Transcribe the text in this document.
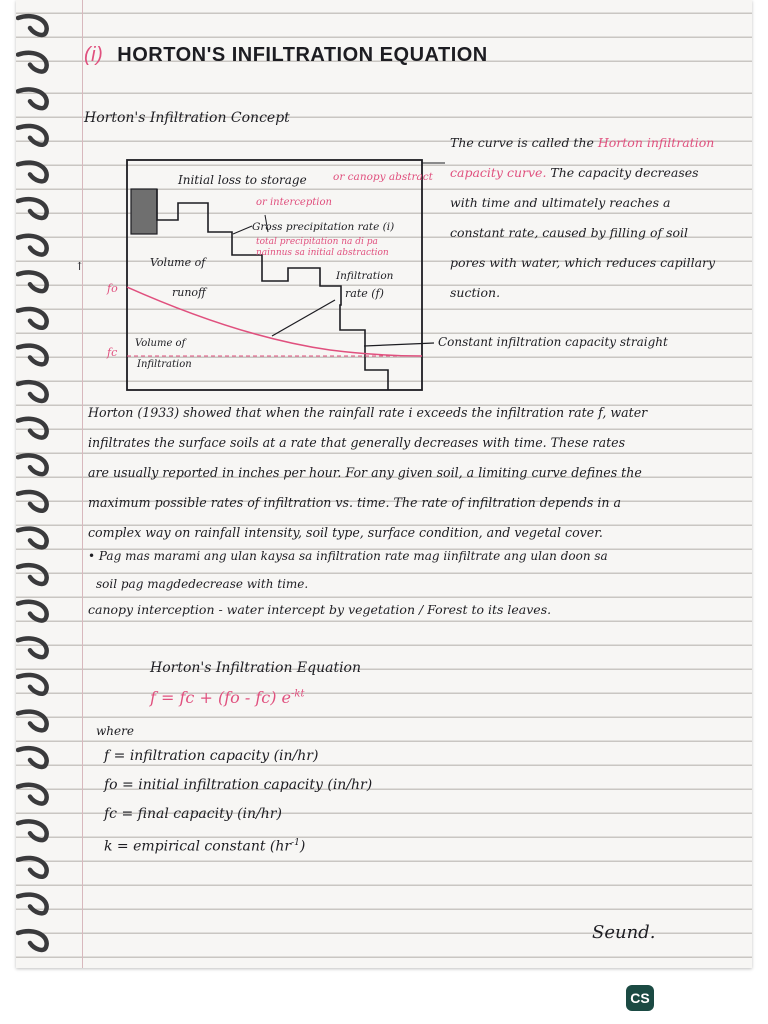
(i) HORTON'S INFILTRATION EQUATION
Horton's Infiltration Concept
↑
Initial loss to storage	or canopy abstract
or interception
Gross precipitation rate (i)
total precipitation na di pa
nainnus sa initial abstraction
Volume of
runoff
Infiltration
rate (f)
Volume of
Infiltration
fo
fc
Constant infiltration capacity straight
The curve is called the Horton infiltration
capacity curve. The capacity decreases
with time and ultimately reaches a
constant rate, caused by filling of soil
pores with water, which reduces capillary
suction.
Horton (1933) showed that when the rainfall rate i exceeds the infiltration rate f, water
infiltrates the surface soils at a rate that generally decreases with time. These rates
are usually reported in inches per hour. For any given soil, a limiting curve defines the
maximum possible rates of infiltration vs. time. The rate of infiltration depends in a
complex way on rainfall intensity, soil type, surface condition, and vegetal cover.
• Pag mas marami ang ulan kaysa sa infiltration rate mag iinfiltrate ang ulan doon sa
soil pag magdedecrease with time.
canopy interception - water intercept by vegetation / Forest to its leaves.
Horton's Infiltration Equation
f = fc + (fo - fc) $e^{-kt}$
where
f = infiltration capacity (in/hr)
fo = initial infiltration capacity (in/hr)
fc = final capacity (in/hr)
k = empirical constant $(hr^{-1})$
Seund.
CS
